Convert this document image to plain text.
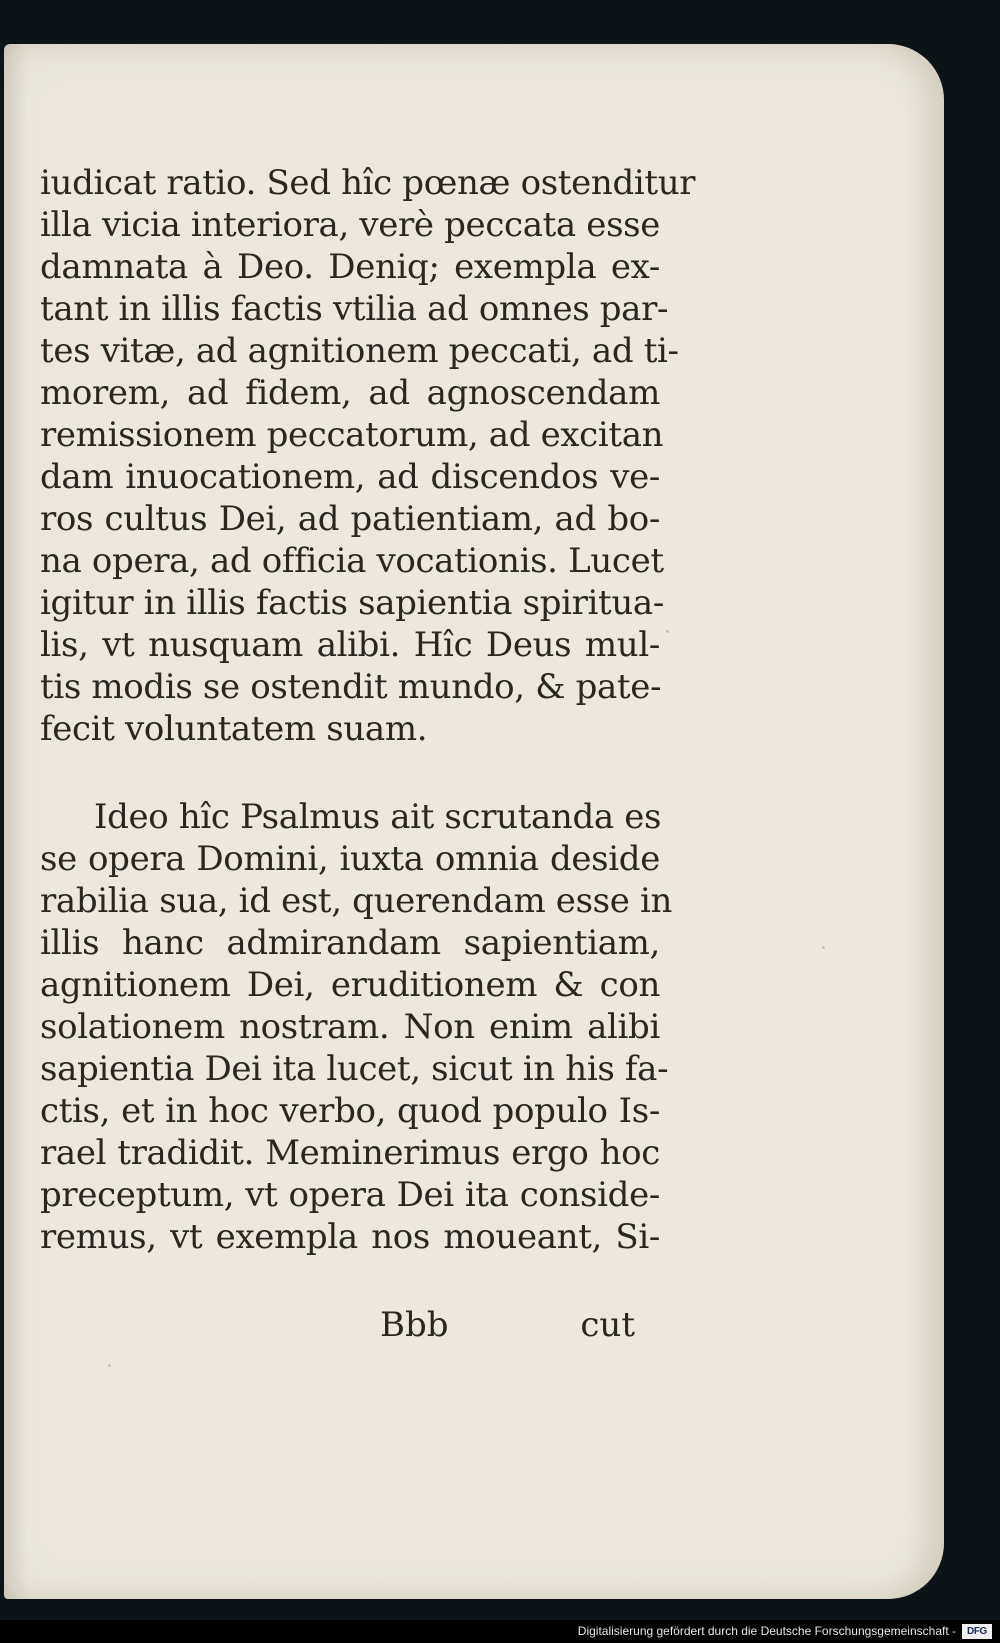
iudicat ratio. Sed hîc pœnæ ostenditur
illa vicia interiora, verè peccata esse
damnata à Deo. Deniq; exempla ex-
tant in illis factis vtilia ad omnes par-
tes vitæ, ad agnitionem peccati, ad ti-
morem, ad fidem, ad agnoscendam
remissionem peccatorum, ad excitan
dam inuocationem, ad discendos ve-
ros cultus Dei, ad patientiam, ad bo-
na opera, ad officia vocationis. Lucet
igitur in illis factis sapientia spiritua-
lis, vt nusquam alibi. Hîc Deus mul-
tis modis se ostendit mundo, & pate-
fecit voluntatem suam.
Ideo hîc Psalmus ait scrutanda es
se opera Domini, iuxta omnia deside
rabilia sua, id est, querendam esse in
illis hanc admirandam sapientiam,
agnitionem Dei, eruditionem & con
solationem nostram. Non enim alibi
sapientia Dei ita lucet, sicut in his fa-
ctis, et in hoc verbo, quod populo Is-
rael tradidit. Meminerimus ergo hoc
preceptum, vt opera Dei ita conside-
remus, vt exempla nos moueant, Si-
Bbb	cut
Digitalisierung gefördert durch die Deutsche Forschungsgemeinschaft -	DFG
